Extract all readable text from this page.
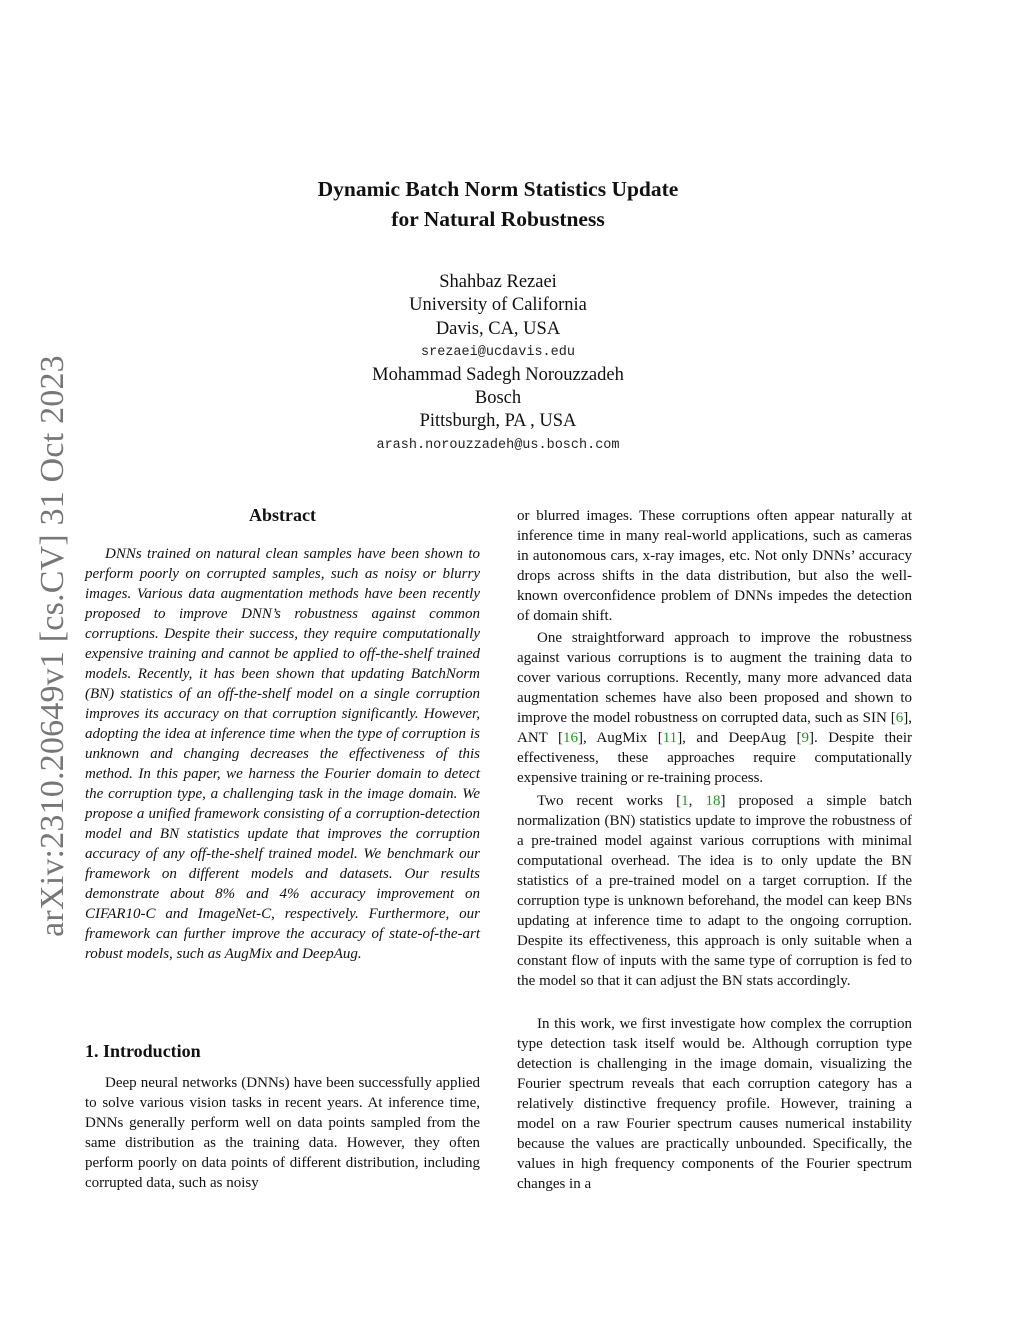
arXiv:2310.20649v1 [cs.CV] 31 Oct 2023
Dynamic Batch Norm Statistics Update
for Natural Robustness
Shahbaz Rezaei
University of California
Davis, CA, USA
srezaei@ucdavis.edu
Mohammad Sadegh Norouzzadeh
Bosch
Pittsburgh, PA , USA
arash.norouzzadeh@us.bosch.com
Abstract

DNNs trained on natural clean samples have been shown to perform poorly on corrupted samples, such as noisy or blurry images. Various data augmentation methods have been recently proposed to improve DNN’s robustness against common corruptions. Despite their success, they require computationally expensive training and cannot be applied to off-the-shelf trained models. Recently, it has been shown that updating BatchNorm (BN) statistics of an off-the-shelf model on a single corruption improves its accuracy on that corruption significantly. However, adopting the idea at inference time when the type of corruption is unknown and changing decreases the effectiveness of this method. In this paper, we harness the Fourier domain to detect the corruption type, a challenging task in the image domain. We propose a unified framework consisting of a corruption-detection model and BN statistics update that improves the corruption accuracy of any off-the-shelf trained model. We benchmark our framework on different models and datasets. Our results demonstrate about 8% and 4% accuracy improvement on CIFAR10-C and ImageNet-C, respectively. Furthermore, our framework can further improve the accuracy of state-of-the-art robust models, such as AugMix and DeepAug.

1. Introduction

Deep neural networks (DNNs) have been successfully applied to solve various vision tasks in recent years. At inference time, DNNs generally perform well on data points sampled from the same distribution as the training data. However, they often perform poorly on data points of different distribution, including corrupted data, such as noisy

or blurred images. These corruptions often appear naturally at inference time in many real-world applications, such as cameras in autonomous cars, x-ray images, etc. Not only DNNs’ accuracy drops across shifts in the data distribution, but also the well-known overconfidence problem of DNNs impedes the detection of domain shift.

One straightforward approach to improve the robustness against various corruptions is to augment the training data to cover various corruptions. Recently, many more advanced data augmentation schemes have also been proposed and shown to improve the model robustness on corrupted data, such as SIN [6], ANT [16], AugMix [11], and DeepAug [9]. Despite their effectiveness, these approaches require computationally expensive training or re-training process.

Two recent works [1, 18] proposed a simple batch normalization (BN) statistics update to improve the robustness of a pre-trained model against various corruptions with minimal computational overhead. The idea is to only update the BN statistics of a pre-trained model on a target corruption. If the corruption type is unknown beforehand, the model can keep BNs updating at inference time to adapt to the ongoing corruption. Despite its effectiveness, this approach is only suitable when a constant flow of inputs with the same type of corruption is fed to the model so that it can adjust the BN stats accordingly.

In this work, we first investigate how complex the corruption type detection task itself would be. Although corruption type detection is challenging in the image domain, visualizing the Fourier spectrum reveals that each corruption category has a relatively distinctive frequency profile. However, training a model on a raw Fourier spectrum causes numerical instability because the values are practically unbounded. Specifically, the values in high frequency components of the Fourier spectrum changes in a
